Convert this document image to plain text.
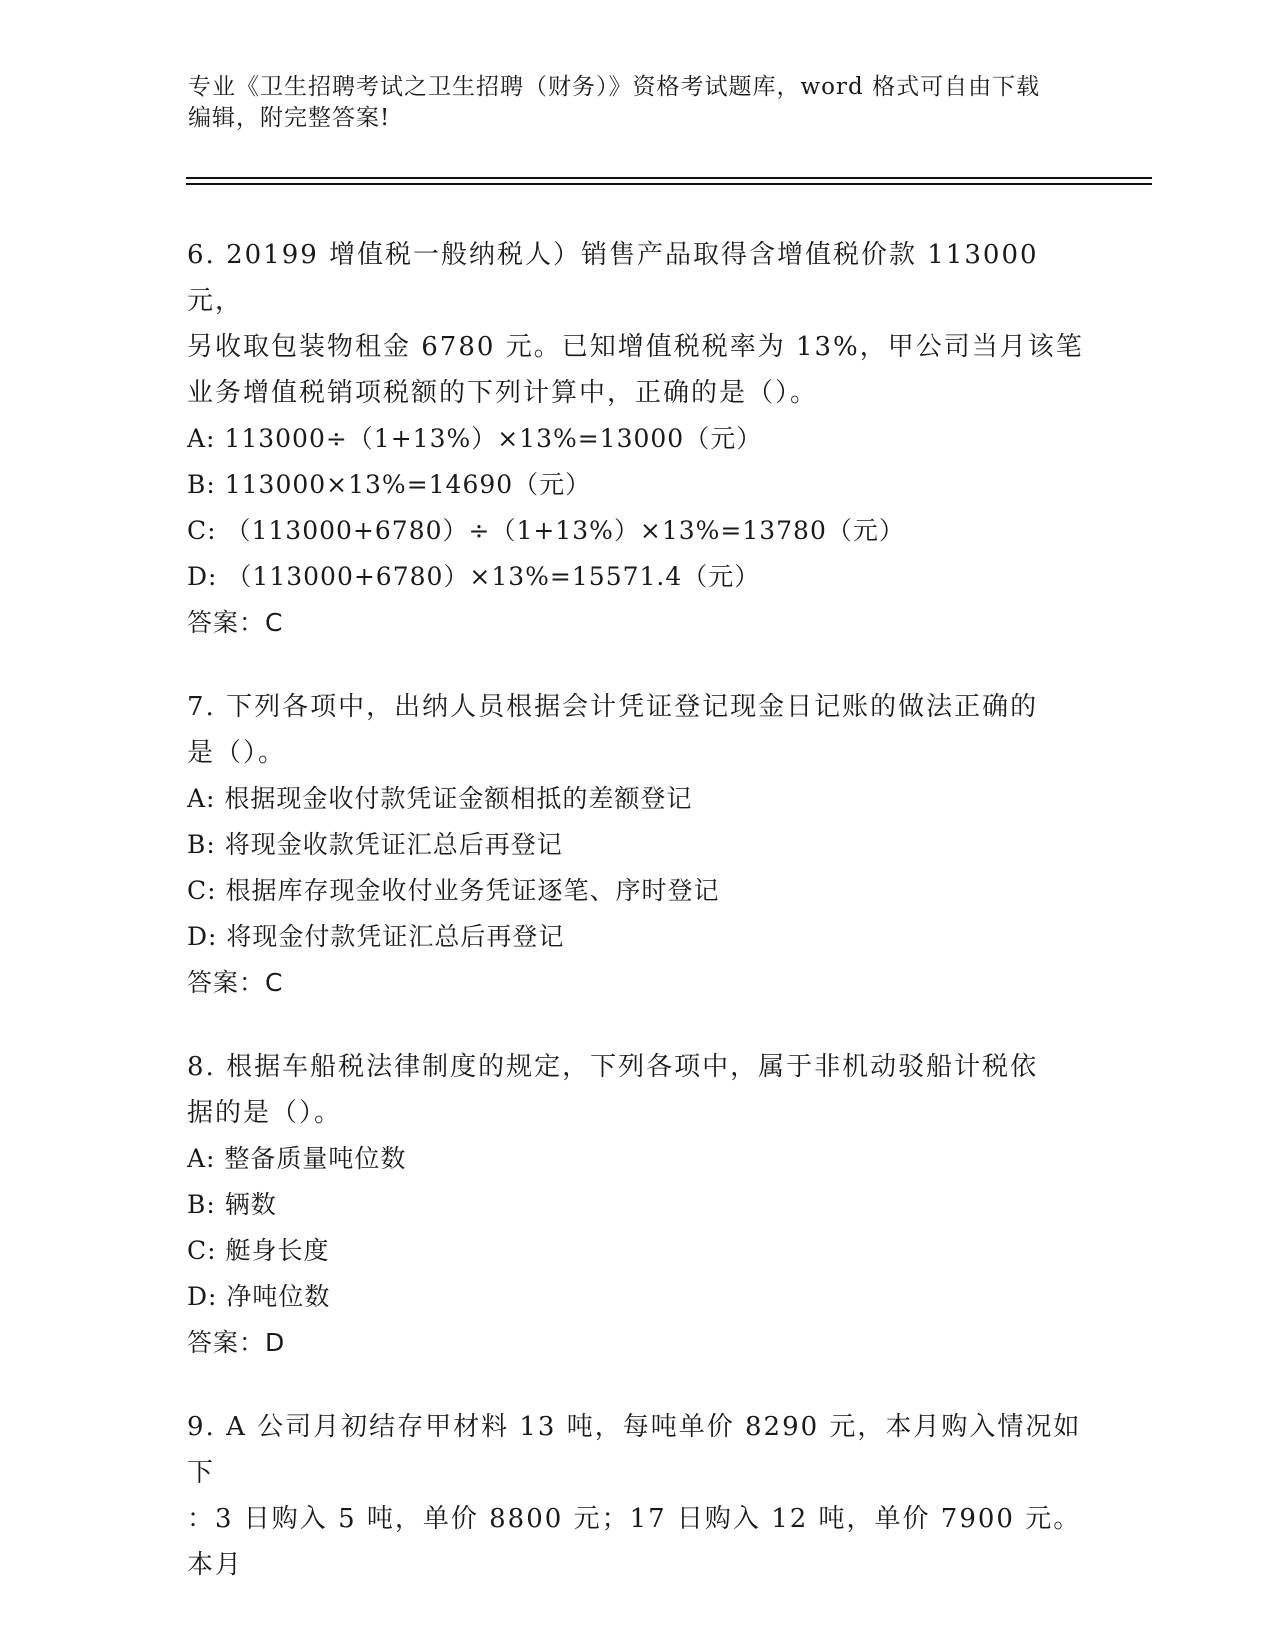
专业《卫生招聘考试之卫生招聘（财务）》资格考试题库，word 格式可自由下载
编辑，附完整答案!
6. 20199 增值税一般纳税人）销售产品取得含增值税价款 113000 元，
另收取包装物租金 6780 元。已知增值税税率为 13%，甲公司当月该笔
业务增值税销项税额的下列计算中，正确的是（）。
A: 113000÷（1+13%）×13%=13000（元）
B: 113000×13%=14690（元）
C: （113000+6780）÷（1+13%）×13%=13780（元）
D: （113000+6780）×13%=15571.4（元）
答案：C
7. 下列各项中，出纳人员根据会计凭证登记现金日记账的做法正确的
是（）。
A: 根据现金收付款凭证金额相抵的差额登记
B: 将现金收款凭证汇总后再登记
C: 根据库存现金收付业务凭证逐笔、序时登记
D: 将现金付款凭证汇总后再登记
答案：C
8. 根据车船税法律制度的规定，下列各项中，属于非机动驳船计税依
据的是（）。
A: 整备质量吨位数
B: 辆数
C: 艇身长度
D: 净吨位数
答案：D
9. A 公司月初结存甲材料 13 吨，每吨单价 8290 元，本月购入情况如下
：3 日购入 5 吨，单价 8800 元；17 日购入 12 吨，单价 7900 元。本月
